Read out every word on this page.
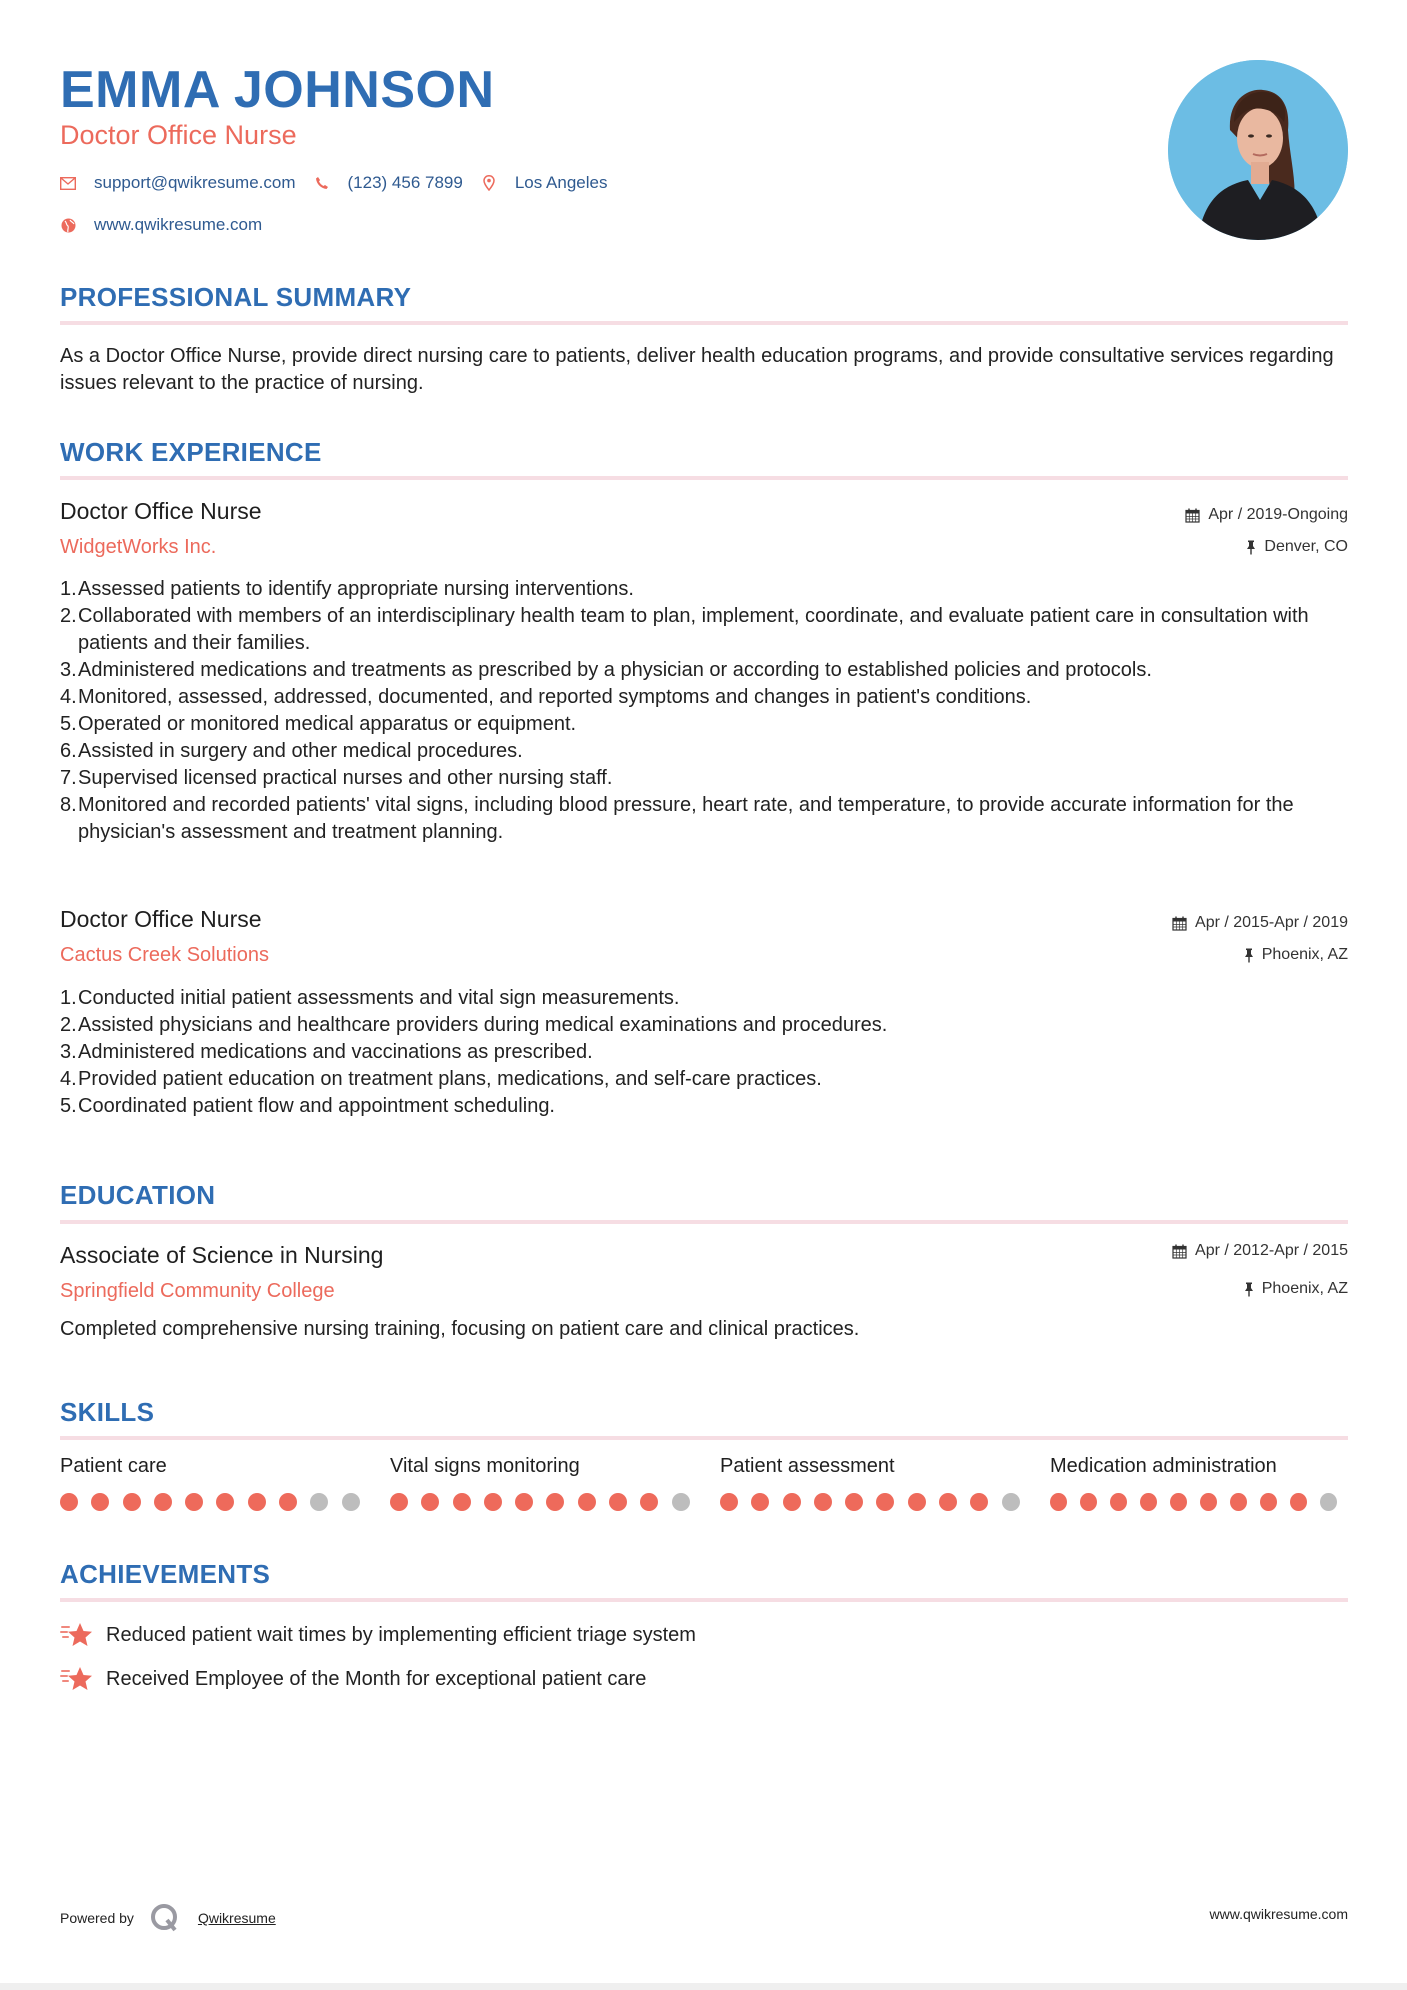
EMMA JOHNSON
Doctor Office Nurse
support@qwikresume.com	(123) 456 7899	Los Angeles
www.qwikresume.com
PROFESSIONAL SUMMARY
As a Doctor Office Nurse, provide direct nursing care to patients, deliver health education programs, and provide consultative services regarding issues relevant to the practice of nursing.
WORK EXPERIENCE
Doctor Office Nurse
WidgetWorks Inc.
Apr / 2019-Ongoing
Denver, CO
1. Assessed patients to identify appropriate nursing interventions.
2. Collaborated with members of an interdisciplinary health team to plan, implement, coordinate, and evaluate patient care in consultation with patients and their families.
3. Administered medications and treatments as prescribed by a physician or according to established policies and protocols.
4. Monitored, assessed, addressed, documented, and reported symptoms and changes in patient's conditions.
5. Operated or monitored medical apparatus or equipment.
6. Assisted in surgery and other medical procedures.
7. Supervised licensed practical nurses and other nursing staff.
8. Monitored and recorded patients' vital signs, including blood pressure, heart rate, and temperature, to provide accurate information for the physician's assessment and treatment planning.
Doctor Office Nurse
Cactus Creek Solutions
Apr / 2015-Apr / 2019
Phoenix, AZ
1. Conducted initial patient assessments and vital sign measurements.
2. Assisted physicians and healthcare providers during medical examinations and procedures.
3. Administered medications and vaccinations as prescribed.
4. Provided patient education on treatment plans, medications, and self-care practices.
5. Coordinated patient flow and appointment scheduling.
EDUCATION
Associate of Science in Nursing
Springfield Community College
Apr / 2012-Apr / 2015
Phoenix, AZ
Completed comprehensive nursing training, focusing on patient care and clinical practices.
SKILLS
Patient care	Vital signs monitoring	Patient assessment	Medication administration
ACHIEVEMENTS
Reduced patient wait times by implementing efficient triage system
Received Employee of the Month for exceptional patient care
Powered by	Qwikresume	www.qwikresume.com
